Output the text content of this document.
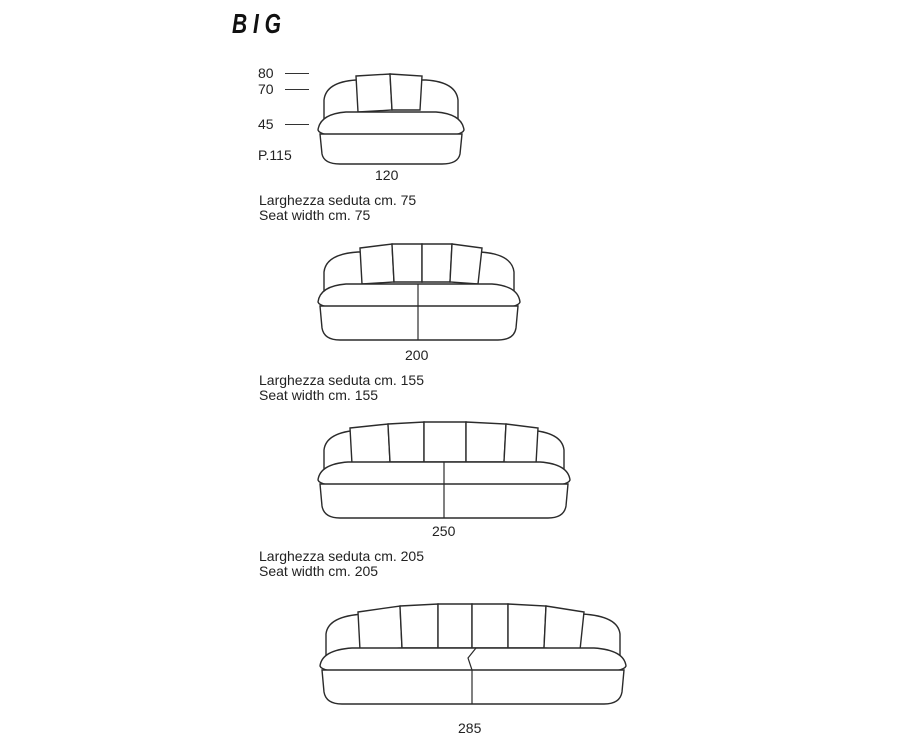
B I G
80
70
45
P.115
120
Larghezza seduta cm. 75
Seat width cm. 75
200
Larghezza seduta cm. 155
Seat width cm. 155
250
Larghezza seduta cm. 205
Seat width cm. 205
285
